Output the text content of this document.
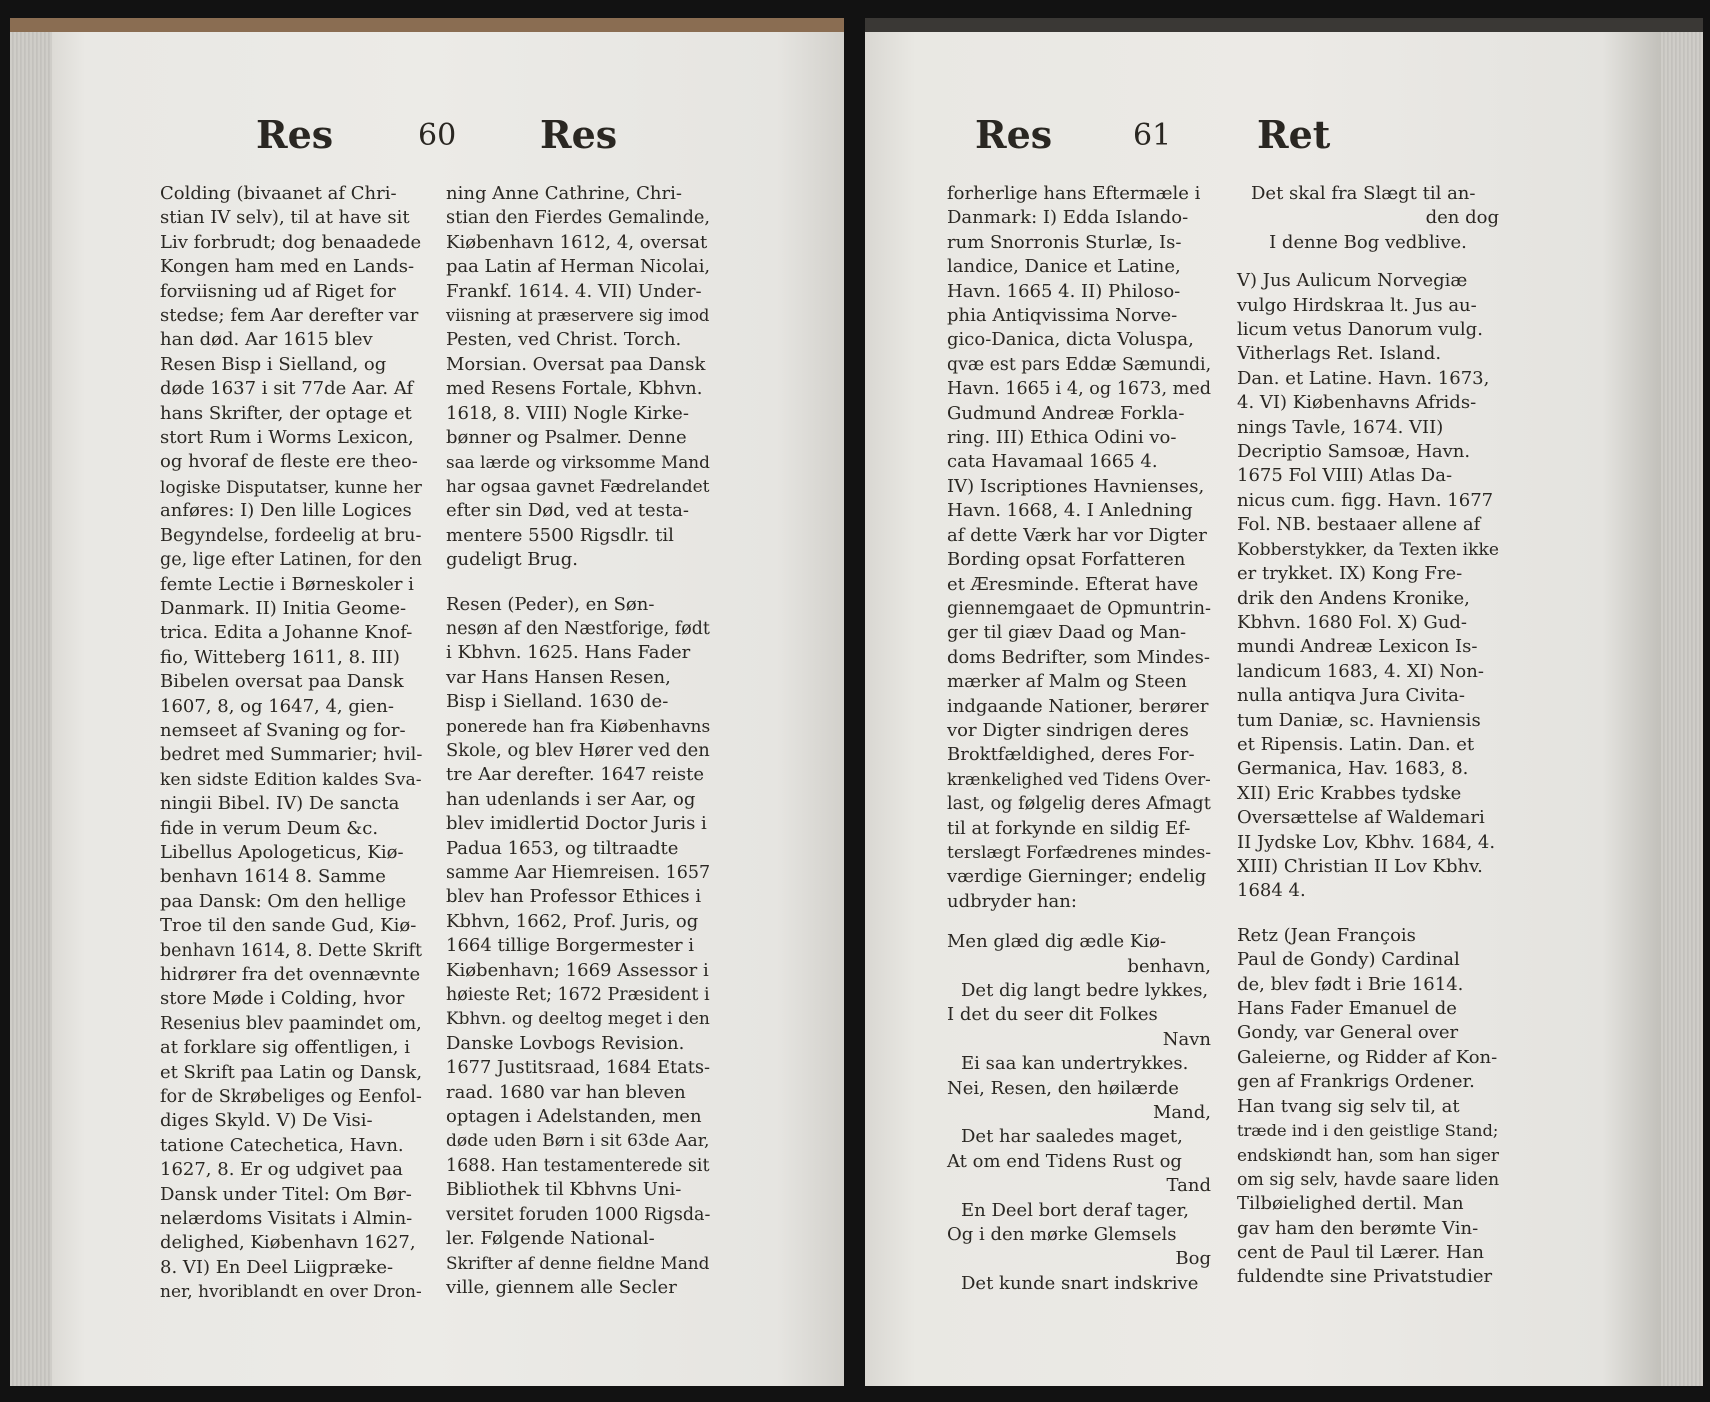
Res	60 Res

Colding (bivaanet af Chri-

stian IV selv), til at have sit

Liv forbrudt; dog benaadede

Kongen ham med en Lands-

forviisning ud af Riget for

stedse; fem Aar derefter var

han død. Aar 1615 blev

Resen Bisp i Sielland, og

døde 1637 i sit 77de Aar. Af

hans Skrifter, der optage et

stort Rum i Worms Lexicon,

og hvoraf de fleste ere theo-

logiske Disputatser, kunne her

anføres: I) Den lille Logices

Begyndelse, fordeelig at bru-

ge, lige efter Latinen, for den

femte Lectie i Børneskoler i

Danmark. II) Initia Geome-

trica. Edita a Johanne Knof-

fio, Witteberg 1611, 8. III)

Bibelen oversat paa Dansk

1607, 8, og 1647, 4, gien-

nemseet af Svaning og for-

bedret med Summarier; hvil-

ken sidste Edition kaldes Sva-

ningii Bibel. IV) De sancta

fide in verum Deum &c.

Libellus Apologeticus, Kiø-

benhavn 1614 8. Samme

paa Dansk: Om den hellige

Troe til den sande Gud, Kiø-

benhavn 1614, 8. Dette Skrift

hidrører fra det ovennævnte

store Møde i Colding, hvor

Resenius blev paamindet om,

at forklare sig offentligen, i

et Skrift paa Latin og Dansk,

for de Skrøbeliges og Eenfol-

diges Skyld. V) De Visi-

tatione Catechetica, Havn.

1627, 8. Er og udgivet paa

Dansk under Titel: Om Bør-

nelærdoms Visitats i Almin-

delighed, Kiøbenhavn 1627,

8. VI) En Deel Liigpræke-

ner, hvoriblandt en over Dron-

ning Anne Cathrine, Chri-

stian den Fierdes Gemalinde,

Kiøbenhavn 1612, 4, oversat

paa Latin af Herman Nicolai,

Frankf. 1614. 4. VII) Under-

viisning at præservere sig imod

Pesten, ved Christ. Torch.

Morsian. Oversat paa Dansk

med Resens Fortale, Kbhvn.

1618, 8. VIII) Nogle Kirke-

bønner og Psalmer. Denne

saa lærde og virksomme Mand

har ogsaa gavnet Fædrelandet

efter sin Død, ved at testa-

mentere 5500 Rigsdlr. til

gudeligt Brug.

Resen (Peder), en Søn-

nesøn af den Næstforige, født

i Kbhvn. 1625. Hans Fader

var Hans Hansen Resen,

Bisp i Sielland. 1630 de-

ponerede han fra Kiøbenhavns

Skole, og blev Hører ved den

tre Aar derefter. 1647 reiste

han udenlands i ser Aar, og

blev imidlertid Doctor Juris i

Padua 1653, og tiltraadte

samme Aar Hiemreisen. 1657

blev han Professor Ethices i

Kbhvn, 1662, Prof. Juris, og

1664 tillige Borgermester i

Kiøbenhavn; 1669 Assessor i

høieste Ret; 1672 Præsident i

Kbhvn. og deeltog meget i den

Danske Lovbogs Revision.

1677 Justitsraad, 1684 Etats-

raad. 1680 var han bleven

optagen i Adelstanden, men

døde uden Børn i sit 63de Aar,

1688. Han testamenterede sit

Bibliothek til Kbhvns Uni-

versitet foruden 1000 Rigsda-

ler. Følgende National-

Skrifter af denne fieldne Mand

ville, giennem alle Secler

Res	61 Ret

forherlige hans Eftermæle i

Danmark: I) Edda Islando-

rum Snorronis Sturlæ, Is-

landice, Danice et Latine,

Havn. 1665 4. II) Philoso-

phia Antiqvissima Norve-

gico-Danica, dicta Voluspa,

qvæ est pars Eddæ Sæmundi,

Havn. 1665 i 4, og 1673, med

Gudmund Andreæ Forkla-

ring. III) Ethica Odini vo-

cata Havamaal 1665 4.

IV) Iscriptiones Havnienses,

Havn. 1668, 4. I Anledning

af dette Værk har vor Digter

Bording opsat Forfatteren

et Æresminde. Efterat have

giennemgaaet de Opmuntrin-

ger til giæv Daad og Man-

doms Bedrifter, som Mindes-

mærker af Malm og Steen

indgaande Nationer, berører

vor Digter sindrigen deres

Broktfældighed, deres For-

krænkelighed ved Tidens Over-

last, og følgelig deres Afmagt

til at forkynde en sildig Ef-

terslægt Forfædrenes mindes-

værdige Gierninger; endelig

udbryder han:

Men glæd dig ædle Kiø-

benhavn,

Det dig langt bedre lykkes,

I det du seer dit Folkes

Navn

Ei saa kan undertrykkes.

Nei, Resen, den høilærde

Mand,

Det har saaledes maget,

At om end Tidens Rust og

Tand

En Deel bort deraf tager,

Og i den mørke Glemsels

Bog

Det kunde snart indskrive

Det skal fra Slægt til an-

den dog

I denne Bog vedblive.

V) Jus Aulicum Norvegiæ

vulgo Hirdskraa lt. Jus au-

licum vetus Danorum vulg.

Vitherlags Ret. Island.

Dan. et Latine. Havn. 1673,

4. VI) Kiøbenhavns Afrids-

nings Tavle, 1674. VII)

Decriptio Samsoæ, Havn.

1675 Fol VIII) Atlas Da-

nicus cum. figg. Havn. 1677

Fol. NB. bestaaer allene af

Kobberstykker, da Texten ikke

er trykket. IX) Kong Fre-

drik den Andens Kronike,

Kbhvn. 1680 Fol. X) Gud-

mundi Andreæ Lexicon Is-

landicum 1683, 4. XI) Non-

nulla antiqva Jura Civita-

tum Daniæ, sc. Havniensis

et Ripensis. Latin. Dan. et

Germanica, Hav. 1683, 8.

XII) Eric Krabbes tydske

Oversættelse af Waldemari

II Jydske Lov, Kbhv. 1684, 4.

XIII) Christian II Lov Kbhv.

1684 4.

Retz (Jean François

Paul de Gondy) Cardinal

de, blev født i Brie 1614.

Hans Fader Emanuel de

Gondy, var General over

Galeierne, og Ridder af Kon-

gen af Frankrigs Ordener.

Han tvang sig selv til, at

træde ind i den geistlige Stand;

endskiøndt han, som han siger

om sig selv, havde saare liden

Tilbøielighed dertil. Man

gav ham den berømte Vin-

cent de Paul til Lærer. Han

fuldendte sine Privatstudier
